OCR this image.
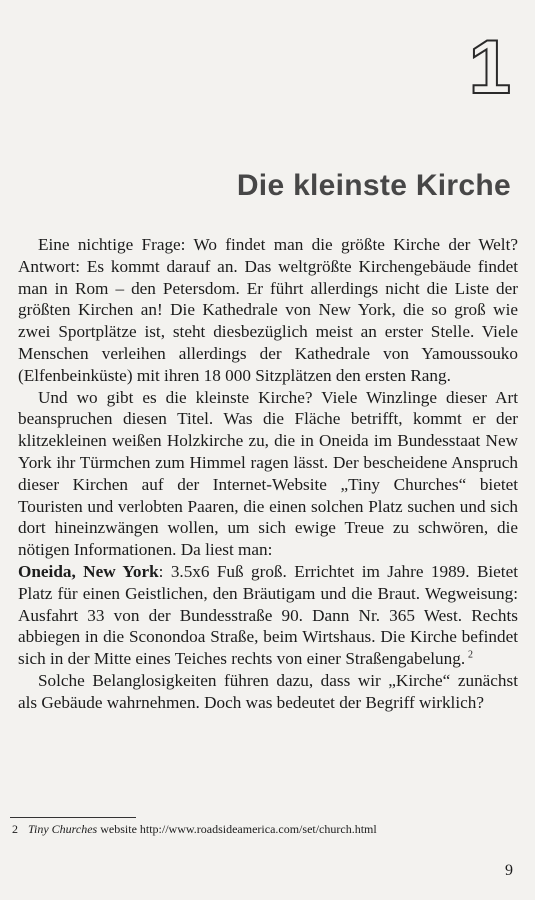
1
Die kleinste Kirche

Eine nichtige Frage: Wo findet man die größte Kirche der Welt? Antwort: Es kommt darauf an. Das weltgrößte Kirchengebäude findet man in Rom – den Petersdom. Er führt allerdings nicht die Liste der größten Kirchen an! Die Kathedrale von New York, die so groß wie zwei Sportplätze ist, steht diesbezüglich meist an erster Stelle. Viele Menschen verleihen allerdings der Kathedrale von Yamoussouko (Elfenbeinküste) mit ihren 18 000 Sitzplätzen den ersten Rang.

Und wo gibt es die kleinste Kirche? Viele Winzlinge dieser Art beanspruchen diesen Titel. Was die Fläche betrifft, kommt er der klitzekleinen weißen Holzkirche zu, die in Oneida im Bundesstaat New York ihr Türmchen zum Himmel ragen lässt. Der bescheidene Anspruch dieser Kirchen auf der Internet-Website „Tiny Churches“ bietet Touristen und verlobten Paaren, die einen solchen Platz suchen und sich dort hineinzwängen wollen, um sich ewige Treue zu schwören, die nötigen Informationen. Da liest man:

Oneida, New York: 3.5x6 Fuß groß. Errichtet im Jahre 1989. Bietet Platz für einen Geistlichen, den Bräutigam und die Braut. Wegweisung: Ausfahrt 33 von der Bundesstraße 90. Dann Nr. 365 West. Rechts abbiegen in die Sconondoa Straße, beim Wirtshaus. Die Kirche befindet sich in der Mitte eines Teiches rechts von einer Straßengabelung.  $^2$

Solche Belanglosigkeiten führen dazu, dass wir „Kirche“ zunächst als Gebäude wahrnehmen. Doch was bedeutet der Begriff wirklich?

2 Tiny Churches website http://www.roadsideamerica.com/set/church.html
9
